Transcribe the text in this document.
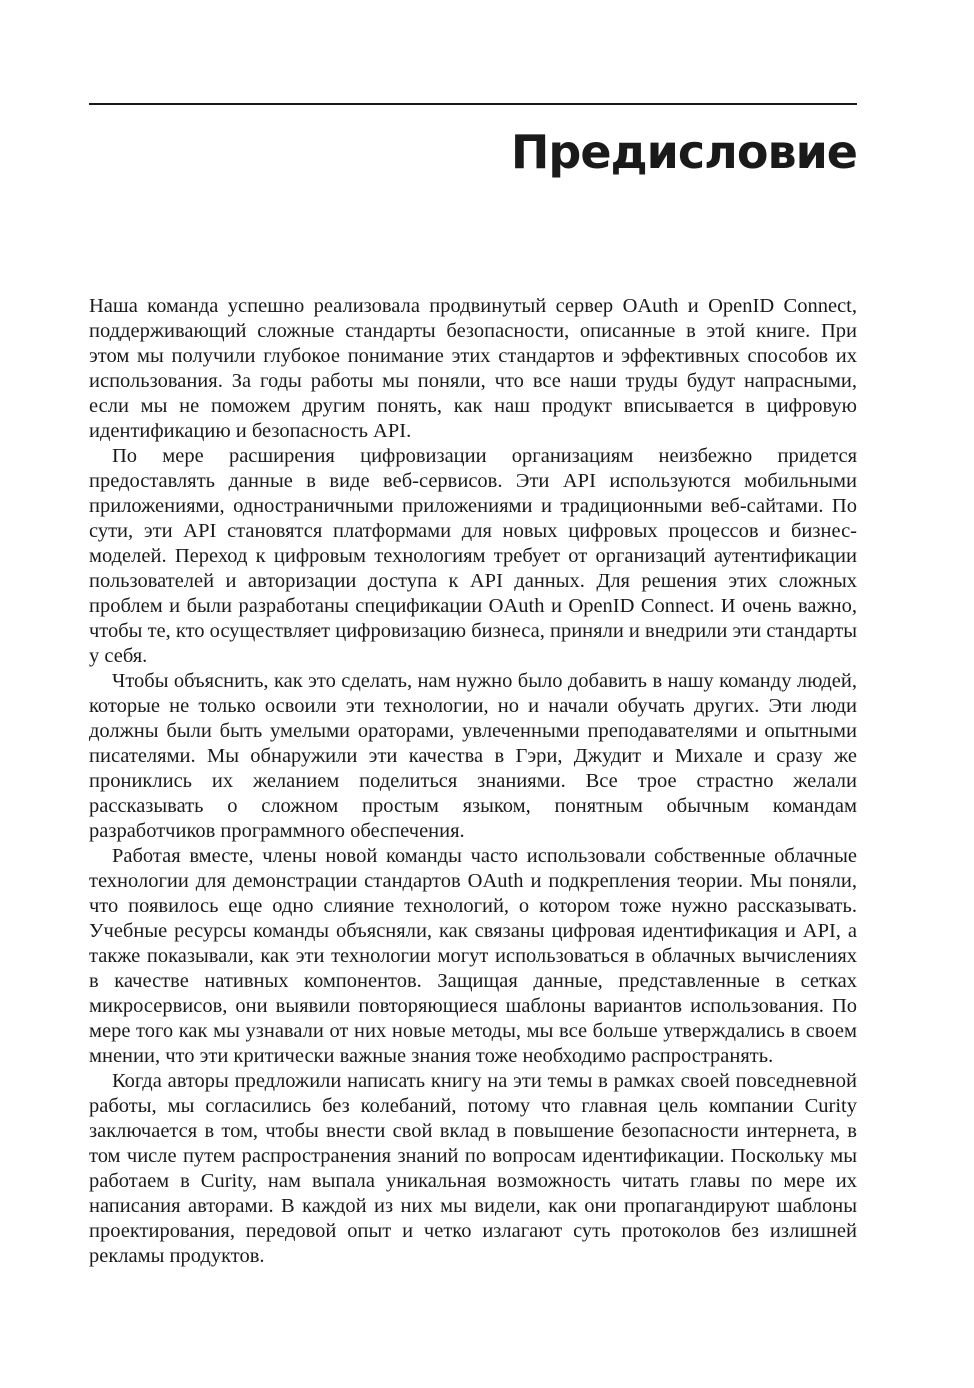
Предисловие

Наша команда успешно реализовала продвинутый сервер OAuth и OpenID Connect, поддерживающий сложные стандарты безопасности, описанные в этой книге. При этом мы получили глубокое понимание этих стандартов и эффективных способов их использования. За годы работы мы поняли, что все наши труды будут напрасными, если мы не поможем другим понять, как наш продукт вписывается в цифровую идентификацию и безопасность API.

По мере расширения цифровизации организациям неизбежно придется предоставлять данные в виде веб-сервисов. Эти API используются мобильными приложениями, одностраничными приложениями и традиционными веб-сайтами. По сути, эти API становятся платформами для новых цифровых процессов и бизнес-моделей. Переход к цифровым технологиям требует от организаций аутентификации пользователей и авторизации доступа к API данных. Для решения этих сложных проблем и были разработаны спецификации OAuth и OpenID Connect. И очень важно, чтобы те, кто осуществляет цифровизацию бизнеса, приняли и внедрили эти стандарты у себя.

Чтобы объяснить, как это сделать, нам нужно было добавить в нашу команду людей, которые не только освоили эти технологии, но и начали обучать других. Эти люди должны были быть умелыми ораторами, увлеченными преподавателями и опытными писателями. Мы обнаружили эти качества в Гэри, Джудит и Михале и сразу же прониклись их желанием поделиться знаниями. Все трое страстно желали рассказывать о сложном простым языком, понятным обычным командам разработчиков программного обеспечения.

Работая вместе, члены новой команды часто использовали собственные облачные технологии для демонстрации стандартов OAuth и подкрепления теории. Мы поняли, что появилось еще одно слияние технологий, о котором тоже нужно рассказывать. Учебные ресурсы команды объясняли, как связаны цифровая идентификация и API, а также показывали, как эти технологии могут использоваться в облачных вычислениях в качестве нативных компонентов. Защищая данные, представленные в сетках микросервисов, они выявили повторяющиеся шаблоны вариантов использования. По мере того как мы узнавали от них новые методы, мы все больше утверждались в своем мнении, что эти критически важные знания тоже необходимо распространять.

Когда авторы предложили написать книгу на эти темы в рамках своей повседневной работы, мы согласились без колебаний, потому что главная цель компании Curity заключается в том, чтобы внести свой вклад в повышение безопасности интернета, в том числе путем распространения знаний по вопросам идентификации. Поскольку мы работаем в Curity, нам выпала уникальная возможность читать главы по мере их написания авторами. В каждой из них мы видели, как они пропагандируют шаблоны проектирования, передовой опыт и четко излагают суть протоколов без излишней рекламы продуктов.
